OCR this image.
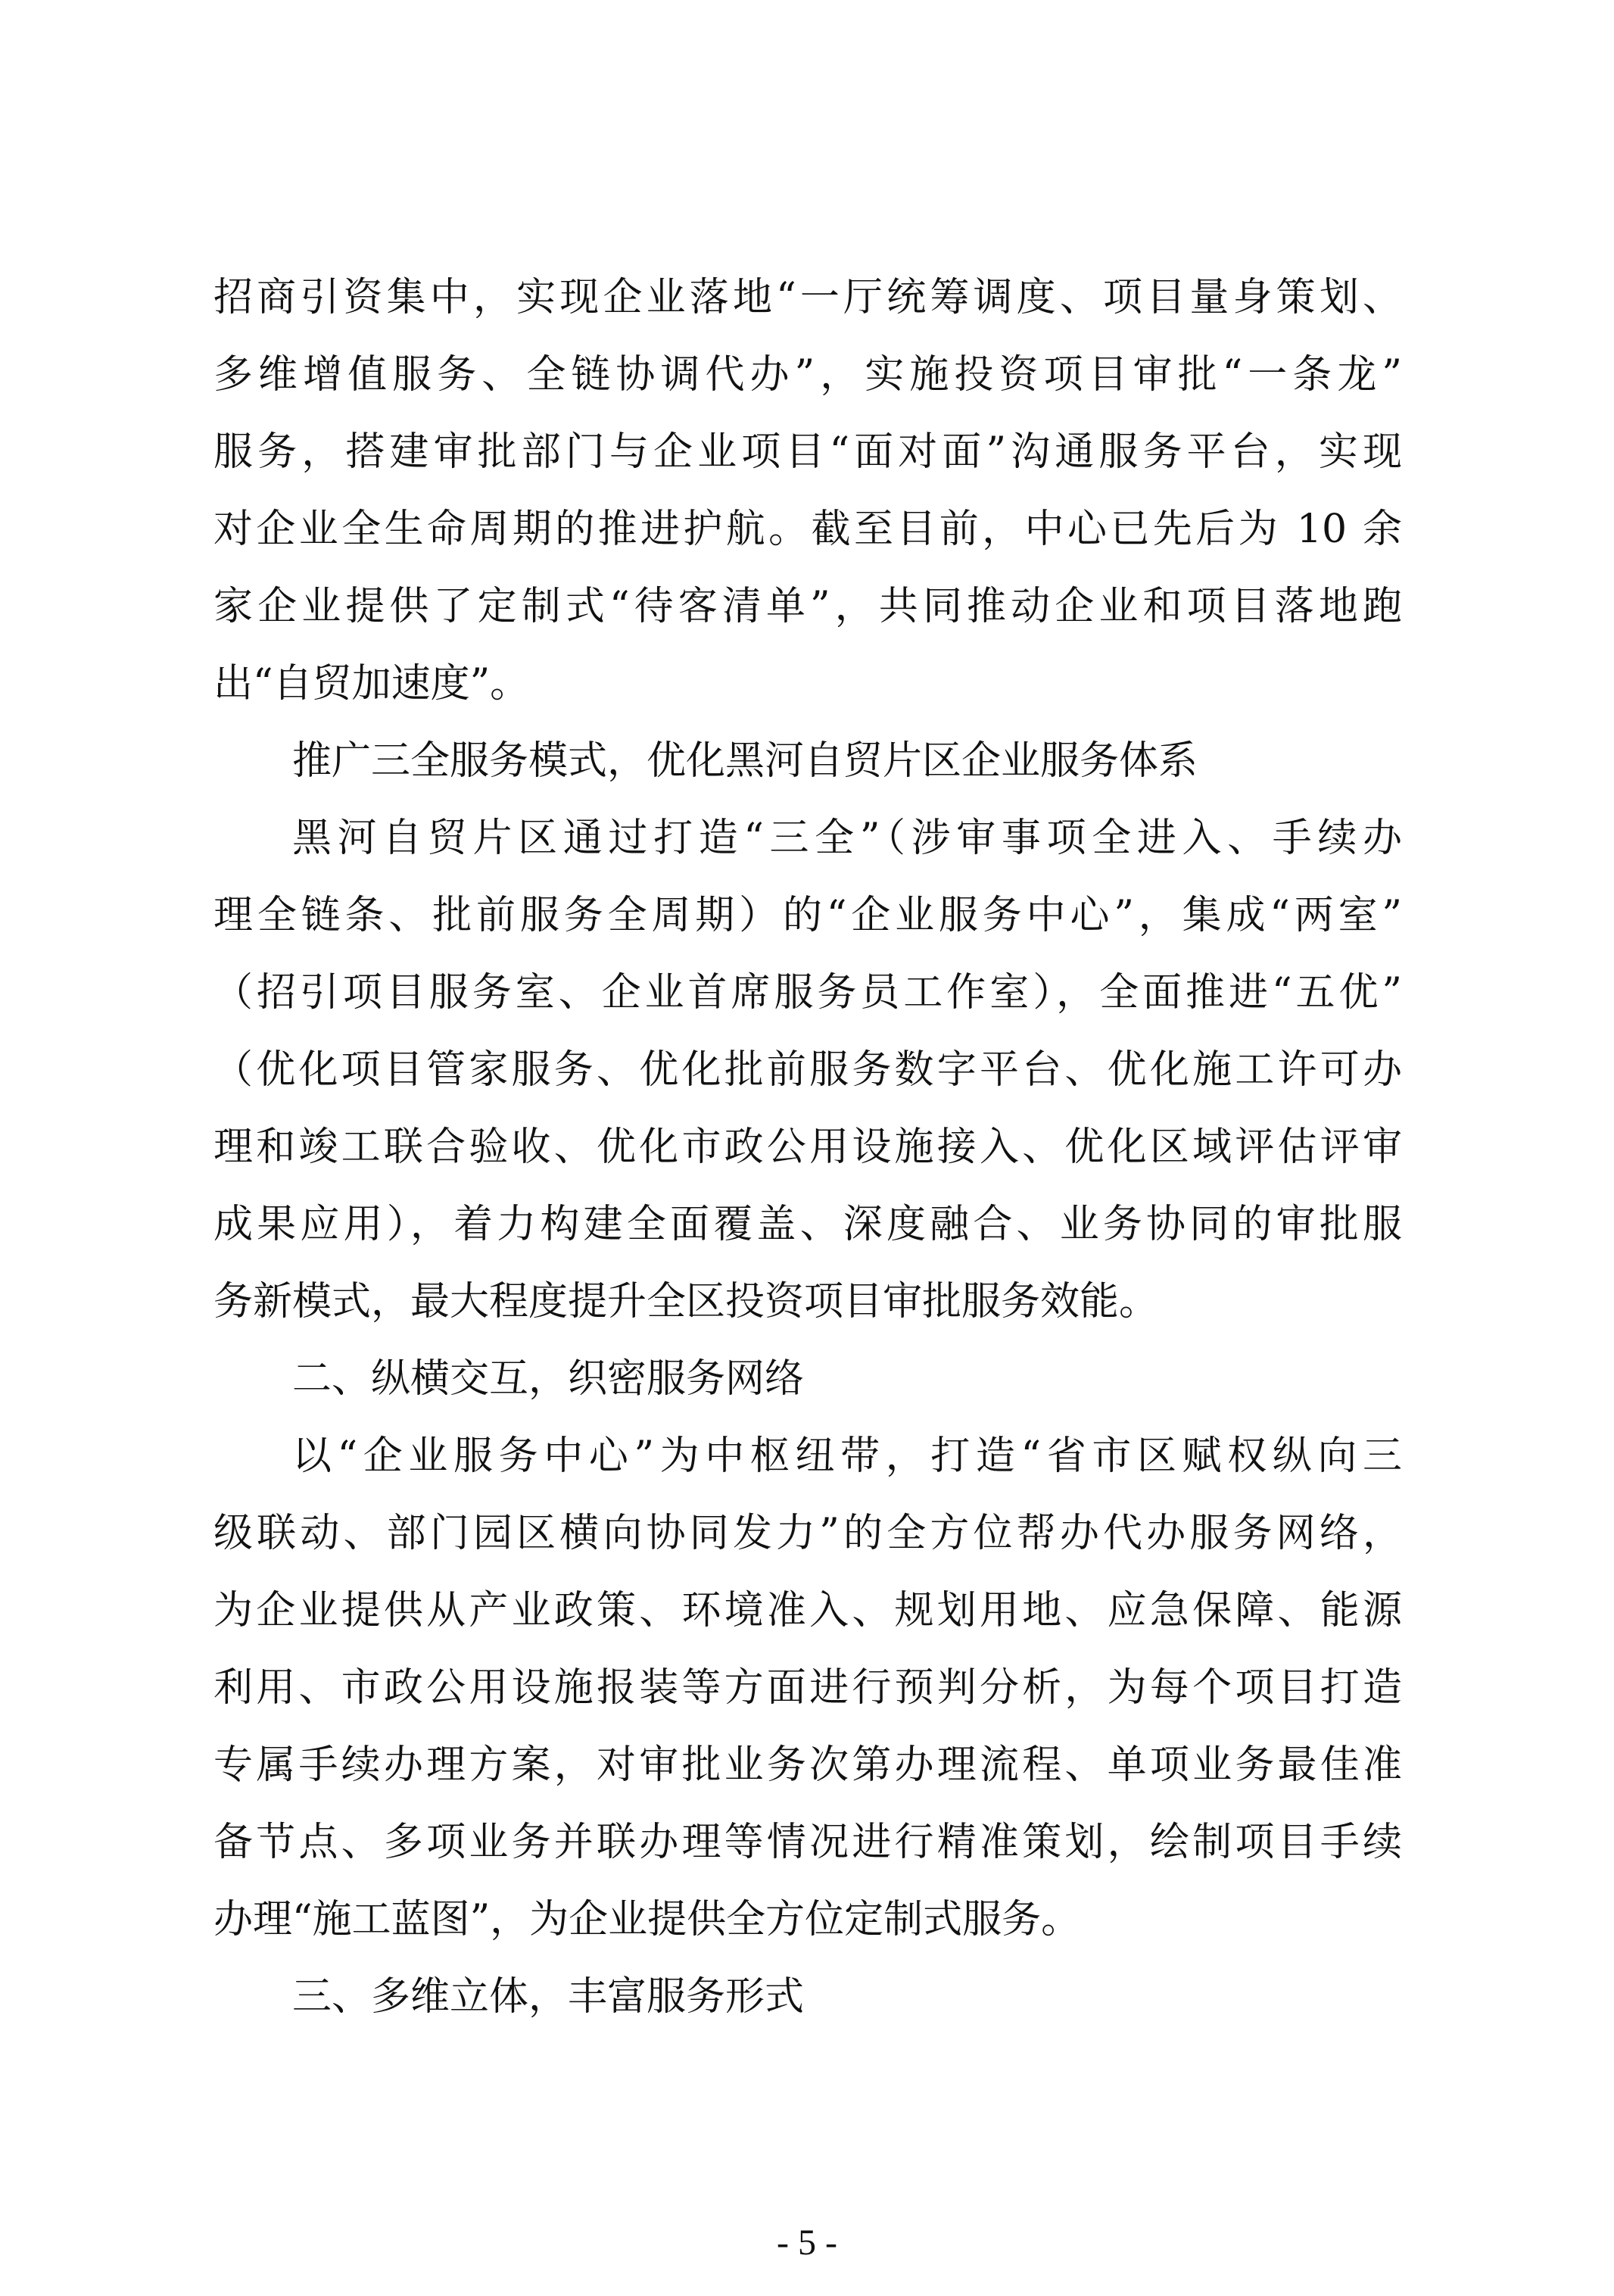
招商引资集中，实现企业落地“一厅统筹调度、项目量身策划、
多维增值服务、全链协调代办”，实施投资项目审批“一条龙”
服务，搭建审批部门与企业项目“面对面”沟通服务平台，实现
对企业全生命周期的推进护航。截至目前，中心已先后为 10 余
家企业提供了定制式“待客清单”，共同推动企业和项目落地跑
出“自贸加速度”。
推广三全服务模式，优化黑河自贸片区企业服务体系
黑河自贸片区通过打造“三全”（涉审事项全进入、手续办
理全链条、批前服务全周期）的“企业服务中心”，集成“两室”
（招引项目服务室、企业首席服务员工作室），全面推进“五优”
（优化项目管家服务、优化批前服务数字平台、优化施工许可办
理和竣工联合验收、优化市政公用设施接入、优化区域评估评审
成果应用），着力构建全面覆盖、深度融合、业务协同的审批服
务新模式，最大程度提升全区投资项目审批服务效能。
二、纵横交互，织密服务网络
以“企业服务中心”为中枢纽带，打造“省市区赋权纵向三
级联动、部门园区横向协同发力”的全方位帮办代办服务网络，
为企业提供从产业政策、环境准入、规划用地、应急保障、能源
利用、市政公用设施报装等方面进行预判分析，为每个项目打造
专属手续办理方案，对审批业务次第办理流程、单项业务最佳准
备节点、多项业务并联办理等情况进行精准策划，绘制项目手续
办理“施工蓝图”，为企业提供全方位定制式服务。
三、多维立体，丰富服务形式
- 5 -
